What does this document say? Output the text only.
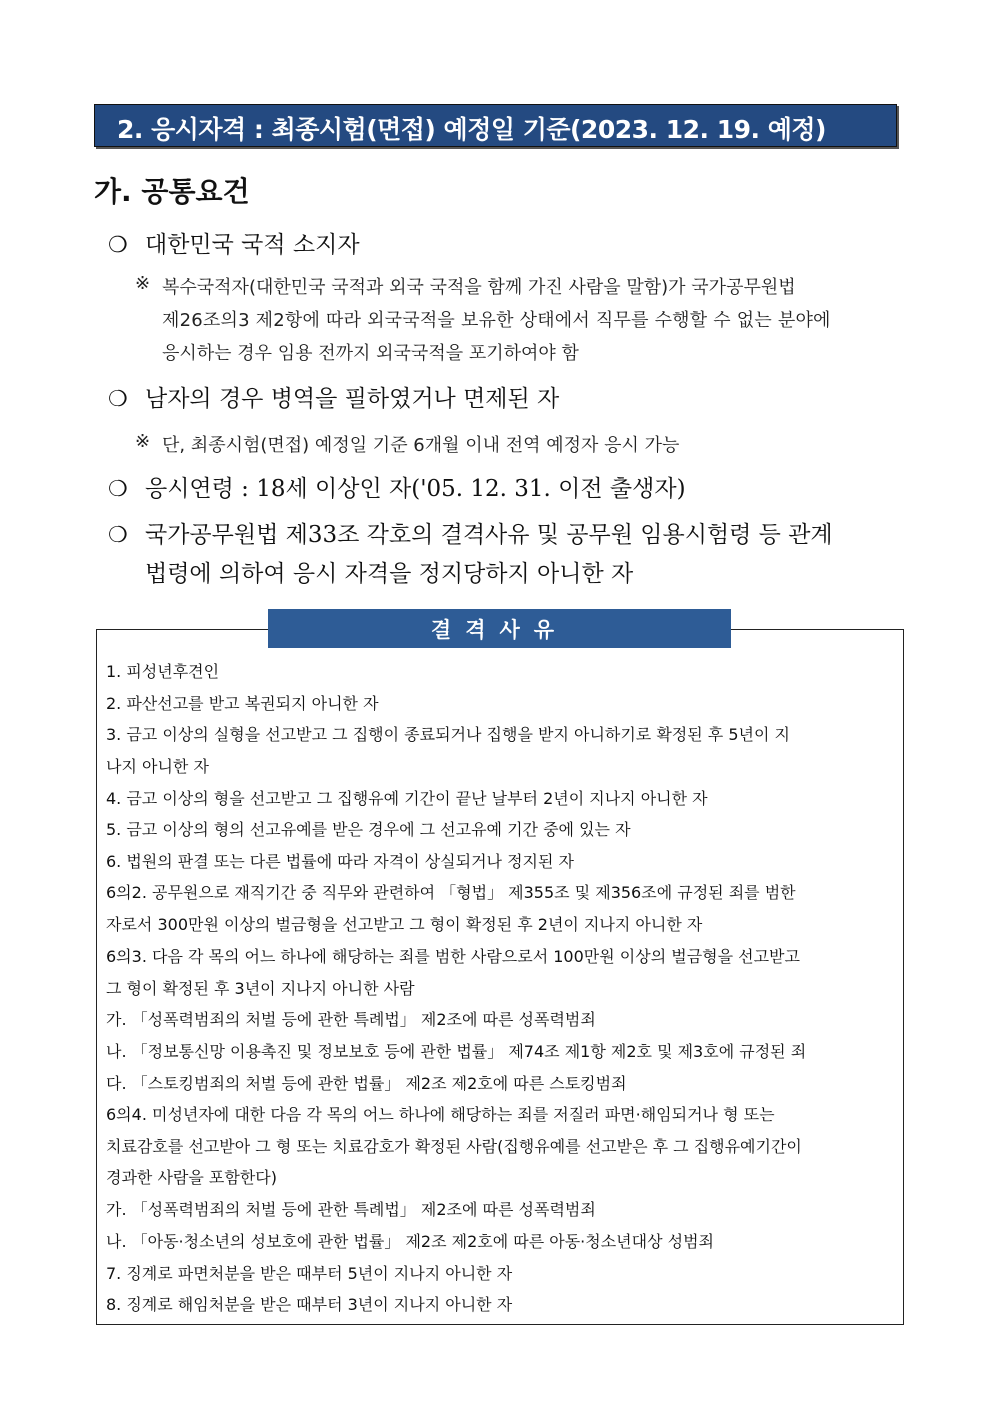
2. 응시자격 : 최종시험(면접) 예정일 기준(2023. 12. 19. 예정)
가. 공통요건
❍ 대한민국 국적 소지자
※ 복수국적자(대한민국 국적과 외국 국적을 함께 가진 사람을 말함)가 국가공무원법
제26조의3 제2항에 따라 외국국적을 보유한 상태에서 직무를 수행할 수 없는 분야에
응시하는 경우 임용 전까지 외국국적을 포기하여야 함
❍ 남자의 경우 병역을 필하였거나 면제된 자
※ 단, 최종시험(면접) 예정일 기준 6개월 이내 전역 예정자 응시 가능
❍ 응시연령 : 18세 이상인 자('05. 12. 31. 이전 출생자)
❍ 국가공무원법 제33조 각호의 결격사유 및 공무원 임용시험령 등 관계
법령에 의하여 응시 자격을 정지당하지 아니한 자
결격사유
1. 피성년후견인
2. 파산선고를 받고 복권되지 아니한 자
3. 금고 이상의 실형을 선고받고 그 집행이 종료되거나 집행을 받지 아니하기로 확정된 후 5년이 지
나지 아니한 자
4. 금고 이상의 형을 선고받고 그 집행유예 기간이 끝난 날부터 2년이 지나지 아니한 자
5. 금고 이상의 형의 선고유예를 받은 경우에 그 선고유예 기간 중에 있는 자
6. 법원의 판결 또는 다른 법률에 따라 자격이 상실되거나 정지된 자
6의2. 공무원으로 재직기간 중 직무와 관련하여 「형법」 제355조 및 제356조에 규정된 죄를 범한
자로서 300만원 이상의 벌금형을 선고받고 그 형이 확정된 후 2년이 지나지 아니한 자
6의3. 다음 각 목의 어느 하나에 해당하는 죄를 범한 사람으로서 100만원 이상의 벌금형을 선고받고
그 형이 확정된 후 3년이 지나지 아니한 사람
가. 「성폭력범죄의 처벌 등에 관한 특례법」 제2조에 따른 성폭력범죄
나. 「정보통신망 이용촉진 및 정보보호 등에 관한 법률」 제74조 제1항 제2호 및 제3호에 규정된 죄
다. 「스토킹범죄의 처벌 등에 관한 법률」 제2조 제2호에 따른 스토킹범죄
6의4. 미성년자에 대한 다음 각 목의 어느 하나에 해당하는 죄를 저질러 파면·해임되거나 형 또는
치료감호를 선고받아 그 형 또는 치료감호가 확정된 사람(집행유예를 선고받은 후 그 집행유예기간이
경과한 사람을 포함한다)
가. 「성폭력범죄의 처벌 등에 관한 특례법」 제2조에 따른 성폭력범죄
나. 「아동·청소년의 성보호에 관한 법률」 제2조 제2호에 따른 아동·청소년대상 성범죄
7. 징계로 파면처분을 받은 때부터 5년이 지나지 아니한 자
8. 징계로 해임처분을 받은 때부터 3년이 지나지 아니한 자
